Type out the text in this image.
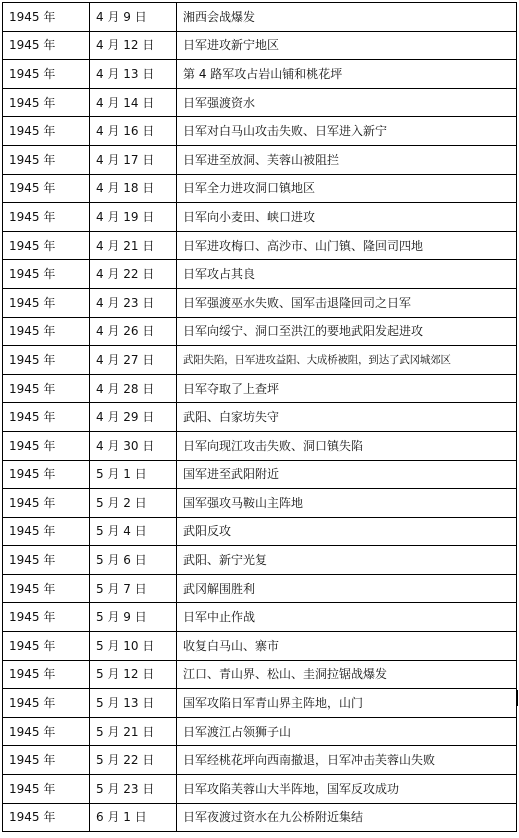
1945 年	4 月 9 日	湘西会战爆发
1945 年	4 月 12 日	日军进攻新宁地区
1945 年	4 月 13 日	第 4 路军攻占岩山铺和桃花坪
1945 年	4 月 14 日	日军强渡资水
1945 年	4 月 16 日	日军对白马山攻击失败、日军进入新宁
1945 年	4 月 17 日	日军进至放洞、芙蓉山被阻拦
1945 年	4 月 18 日	日军全力进攻洞口镇地区
1945 年	4 月 19 日	日军向小麦田、峡口进攻
1945 年	4 月 21 日	日军进攻梅口、高沙市、山门镇、隆回司四地
1945 年	4 月 22 日	日军攻占其良
1945 年	4 月 23 日	日军强渡巫水失败、国军击退隆回司之日军
1945 年	4 月 26 日	日军向绥宁、洞口至洪江的要地武阳发起进攻
1945 年	4 月 27 日	武阳失陷，日军进攻益阳、大成桥被阻，到达了武冈城郊区
1945 年	4 月 28 日	日军夺取了上查坪
1945 年	4 月 29 日	武阳、白家坊失守
1945 年	4 月 30 日	日军向现江攻击失败、洞口镇失陷
1945 年	5 月 1 日	国军进至武阳附近
1945 年	5 月 2 日	国军强攻马鞍山主阵地
1945 年	5 月 4 日	武阳反攻
1945 年	5 月 6 日	武阳、新宁光复
1945 年	5 月 7 日	武冈解围胜利
1945 年	5 月 9 日	日军中止作战
1945 年	5 月 10 日	收复白马山、寨市
1945 年	5 月 12 日	江口、青山界、松山、圭洞拉锯战爆发
1945 年	5 月 13 日	国军攻陷日军青山界主阵地，山门
1945 年	5 月 21 日	日军渡江占领狮子山
1945 年	5 月 22 日	日军经桃花坪向西南撤退，日军冲击芙蓉山失败
1945 年	5 月 23 日	日军攻陷芙蓉山大半阵地，国军反攻成功
1945 年	6 月 1 日	日军夜渡过资水在九公桥附近集结
